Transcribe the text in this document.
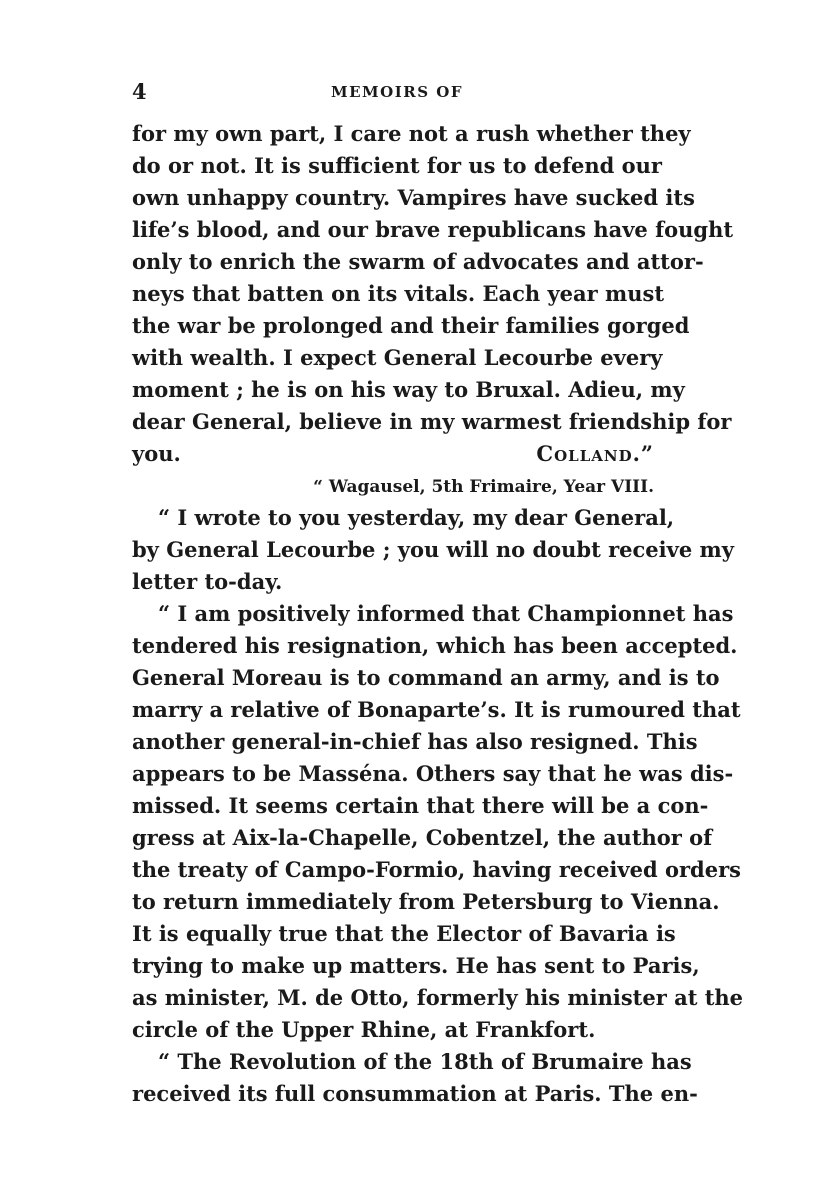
4	MEMOIRS OF
for my own part, I care not a rush whether they
do or not. It is sufficient for us to defend our
own unhappy country. Vampires have sucked its
life’s blood, and our brave republicans have fought
only to enrich the swarm of advocates and attor-
neys that batten on its vitals. Each year must
the war be prolonged and their families gorged
with wealth. I expect General Lecourbe every
moment ; he is on his way to Bruxal. Adieu, my
dear General, believe in my warmest friendship for
you.	Colland.”
“ Wagausel, 5th Frimaire, Year VIII.
“ I wrote to you yesterday, my dear General,
by General Lecourbe ; you will no doubt receive my
letter to-day.
“ I am positively informed that Championnet has
tendered his resignation, which has been accepted.
General Moreau is to command an army, and is to
marry a relative of Bonaparte’s. It is rumoured that
another general-in-chief has also resigned. This
appears to be Masséna. Others say that he was dis-
missed. It seems certain that there will be a con-
gress at Aix-la-Chapelle, Cobentzel, the author of
the treaty of Campo-Formio, having received orders
to return immediately from Petersburg to Vienna.
It is equally true that the Elector of Bavaria is
trying to make up matters. He has sent to Paris,
as minister, M. de Otto, formerly his minister at the
circle of the Upper Rhine, at Frankfort.
“ The Revolution of the 18th of Brumaire has
received its full consummation at Paris. The en-
